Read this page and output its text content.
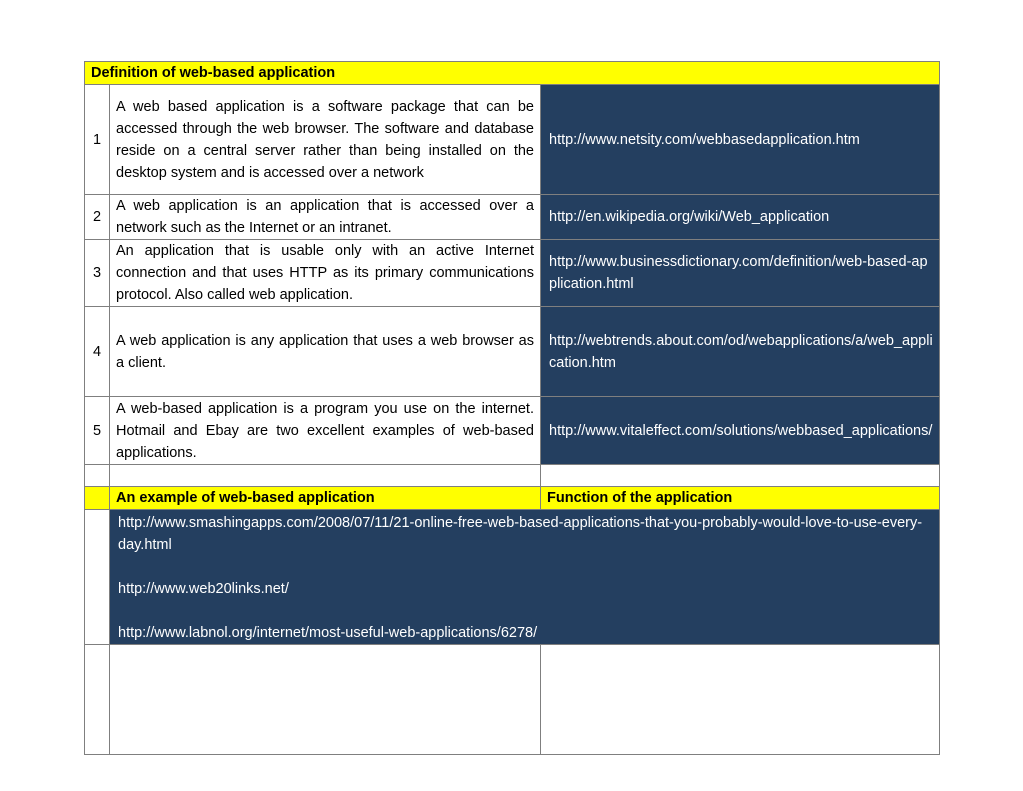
Definition of web-based application		
1	A web based application is a software package that can be accessed through the web browser. The software and database reside on a central server rather than being installed on the desktop system and is accessed over a network	http://www.netsity.com/webbasedapplication.htm
2	A web application is an application that is accessed over a network such as the Internet or an intranet.	http://en.wikipedia.org/wiki/Web_application
3	An application that is usable only with an active Internet connection and that uses HTTP as its primary communications protocol. Also called web application.	http://www.businessdictionary.com/definition/web-based-application.html
4	A web application is any application that uses a web browser as a client.	http://webtrends.about.com/od/webapplications/a/web_application.htm
5	A web-based application is a program you use on the internet. Hotmail and Ebay are two excellent examples of web-based applications.	http://www.vitaleffect.com/solutions/webbased_applications/

	An example of web-based application	Function of the application

	http://www.smashingapps.com/2008/07/11/21-online-free-web-based-applications-that-you-probably-would-love-to-use-every-day.html
http://www.web20links.net/
http://www.labnol.org/internet/most-useful-web-applications/6278/	
